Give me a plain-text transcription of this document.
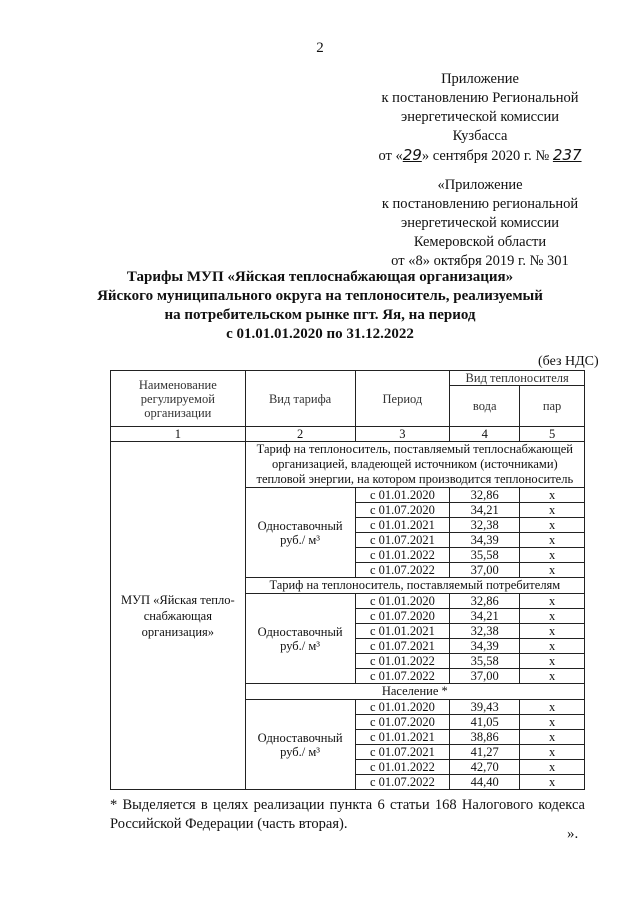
2
Приложение
к постановлению Региональной
энергетической комиссии
Кузбасса
от «29» сентября 2020 г. № 237
«Приложение
к постановлению региональной
энергетической комиссии
Кемеровской области
от «8» октября 2019 г. № 301
Тарифы МУП «Яйская теплоснабжающая организация»
Яйского муниципального округа на теплоноситель, реализуемый
на потребительском рынке пгт. Яя, на период
с 01.01.01.2020 по 31.12.2022
(без НДС)
Наименование регулируемой организации	Вид тарифа	Период	Вид теплоносителя	
			вода	пар
1	2	3	4	5
МУП «Яйская тепло-снабжающая организация»	Тариф на теплоноситель, поставляемый теплоснабжающей организацией, владеющей источником (источниками) тепловой энергии, на котором производится теплоноситель			
	Одноставочный руб./ м³	с 01.01.2020	32,86	x
		с 01.07.2020	34,21	x
		с 01.01.2021	32,38	x
		с 01.07.2021	34,39	x
		с 01.01.2022	35,58	x
		с 01.07.2022	37,00	x
	Тариф на теплоноситель, поставляемый потребителям			
	Одноставочный руб./ м³	с 01.01.2020	32,86	x
		с 01.07.2020	34,21	x
		с 01.01.2021	32,38	x
		с 01.07.2021	34,39	x
		с 01.01.2022	35,58	x
		с 01.07.2022	37,00	x
	Население *			
	Одноставочный руб./ м³	с 01.01.2020	39,43	x
		с 01.07.2020	41,05	x
		с 01.01.2021	38,86	x
		с 01.07.2021	41,27	x
		с 01.01.2022	42,70	x
		с 01.07.2022	44,40	x
* Выделяется в целях реализации пункта 6 статьи 168 Налогового кодекса Российской Федерации (часть вторая).
».
